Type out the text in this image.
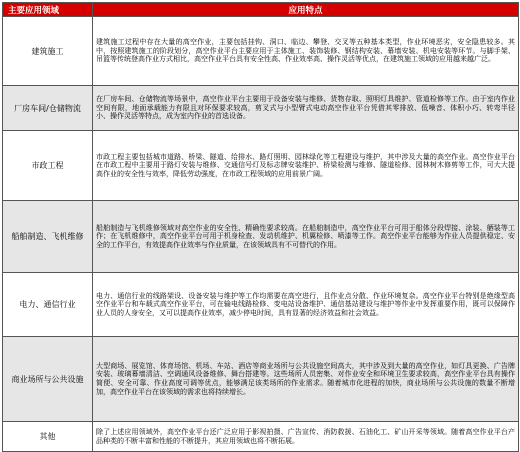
主要应用领域	应用特点
建筑施工	建筑施工过程中存在大量的高空作业，主要包括挂钩、洞口、临边、攀登、交叉等五种基本类型，作业环境恶劣，安全隐患较多。其中，按照建筑施工的阶段划分，高空作业平台主要应用于主体施工、装饰装修、钢结构安装、幕墙安装、机电安装等环节。与脚手架、吊篮等传统登高作业方式相比，高空作业平台具有安全性高、作业效率高、操作灵活等优点，在建筑施工领域的应用越来越广泛。
厂房车间/仓储物流	在厂房车间、仓储物流等场景中，高空作业平台主要用于设备安装与维修、货物存取、照明灯具维护、管道检修等工作。由于室内作业空间有限，地面承载能力有限且对环保要求较高，剪叉式与小型臂式电动高空作业平台凭借其零排放、低噪音、体积小巧、转弯半径小、操作灵活等特点，成为室内作业的首选设备。
市政工程	市政工程主要包括城市道路、桥梁、隧道、给排水、路灯照明、园林绿化等工程建设与维护，其中涉及大量的高空作业。高空作业平台在市政工程中主要用于路灯安装与维修、交通信号灯及标志牌安装维护、桥梁检测与维修、隧道检修、园林树木修剪等工作，可大大提高作业的安全性与效率，降低劳动强度，在市政工程领域的应用前景广阔。
船舶制造、飞机维修	船舶制造与飞机维修领域对高空作业的安全性、精确性要求较高。在船舶制造中，高空作业平台可用于船体分段焊接、涂装、舾装等工作；在飞机维修中，高空作业平台可用于机身检查、发动机维护、机翼检修、喷漆等工作。高空作业平台能够为作业人员提供稳定、安全的工作平台，有效提高作业效率与作业质量，在该领域具有不可替代的作用。
电力、通信行业	电力、通信行业的线路架设、设备安装与维护等工作均需要在高空进行，且作业点分散、作业环境复杂。高空作业平台特别是绝缘型高空作业平台和车载式高空作业平台，可在输电线路检修、变电站设备维护、通信基站建设与维护等作业中发挥重要作用，既可以保障作业人员的人身安全，又可以提高作业效率，减少停电时间，具有显著的经济效益和社会效益。
商业场所与公共设施	大型商场、展览馆、体育场馆、机场、车站、酒店等商业场所与公共设施空间高大，其中涉及到大量的高空作业，如灯具更换、广告牌安装、玻璃幕墙清洁、空调通风设备维修、舞台搭建等。这些场所人员密集、对作业安全和环境卫生要求较高，高空作业平台具有操作简便、安全可靠、作业高度可调等优点，能够满足该类场所的作业需求。随着城市化进程的加快，商业场所与公共设施的数量不断增加，高空作业平台在该领域的需求也将持续增长。
其他	除了上述应用领域外，高空作业平台还广泛应用于影视拍摄、广告宣传、消防救援、石油化工、矿山开采等领域。随着高空作业平台产品种类的不断丰富和性能的不断提升，其应用领域也将不断拓展。
